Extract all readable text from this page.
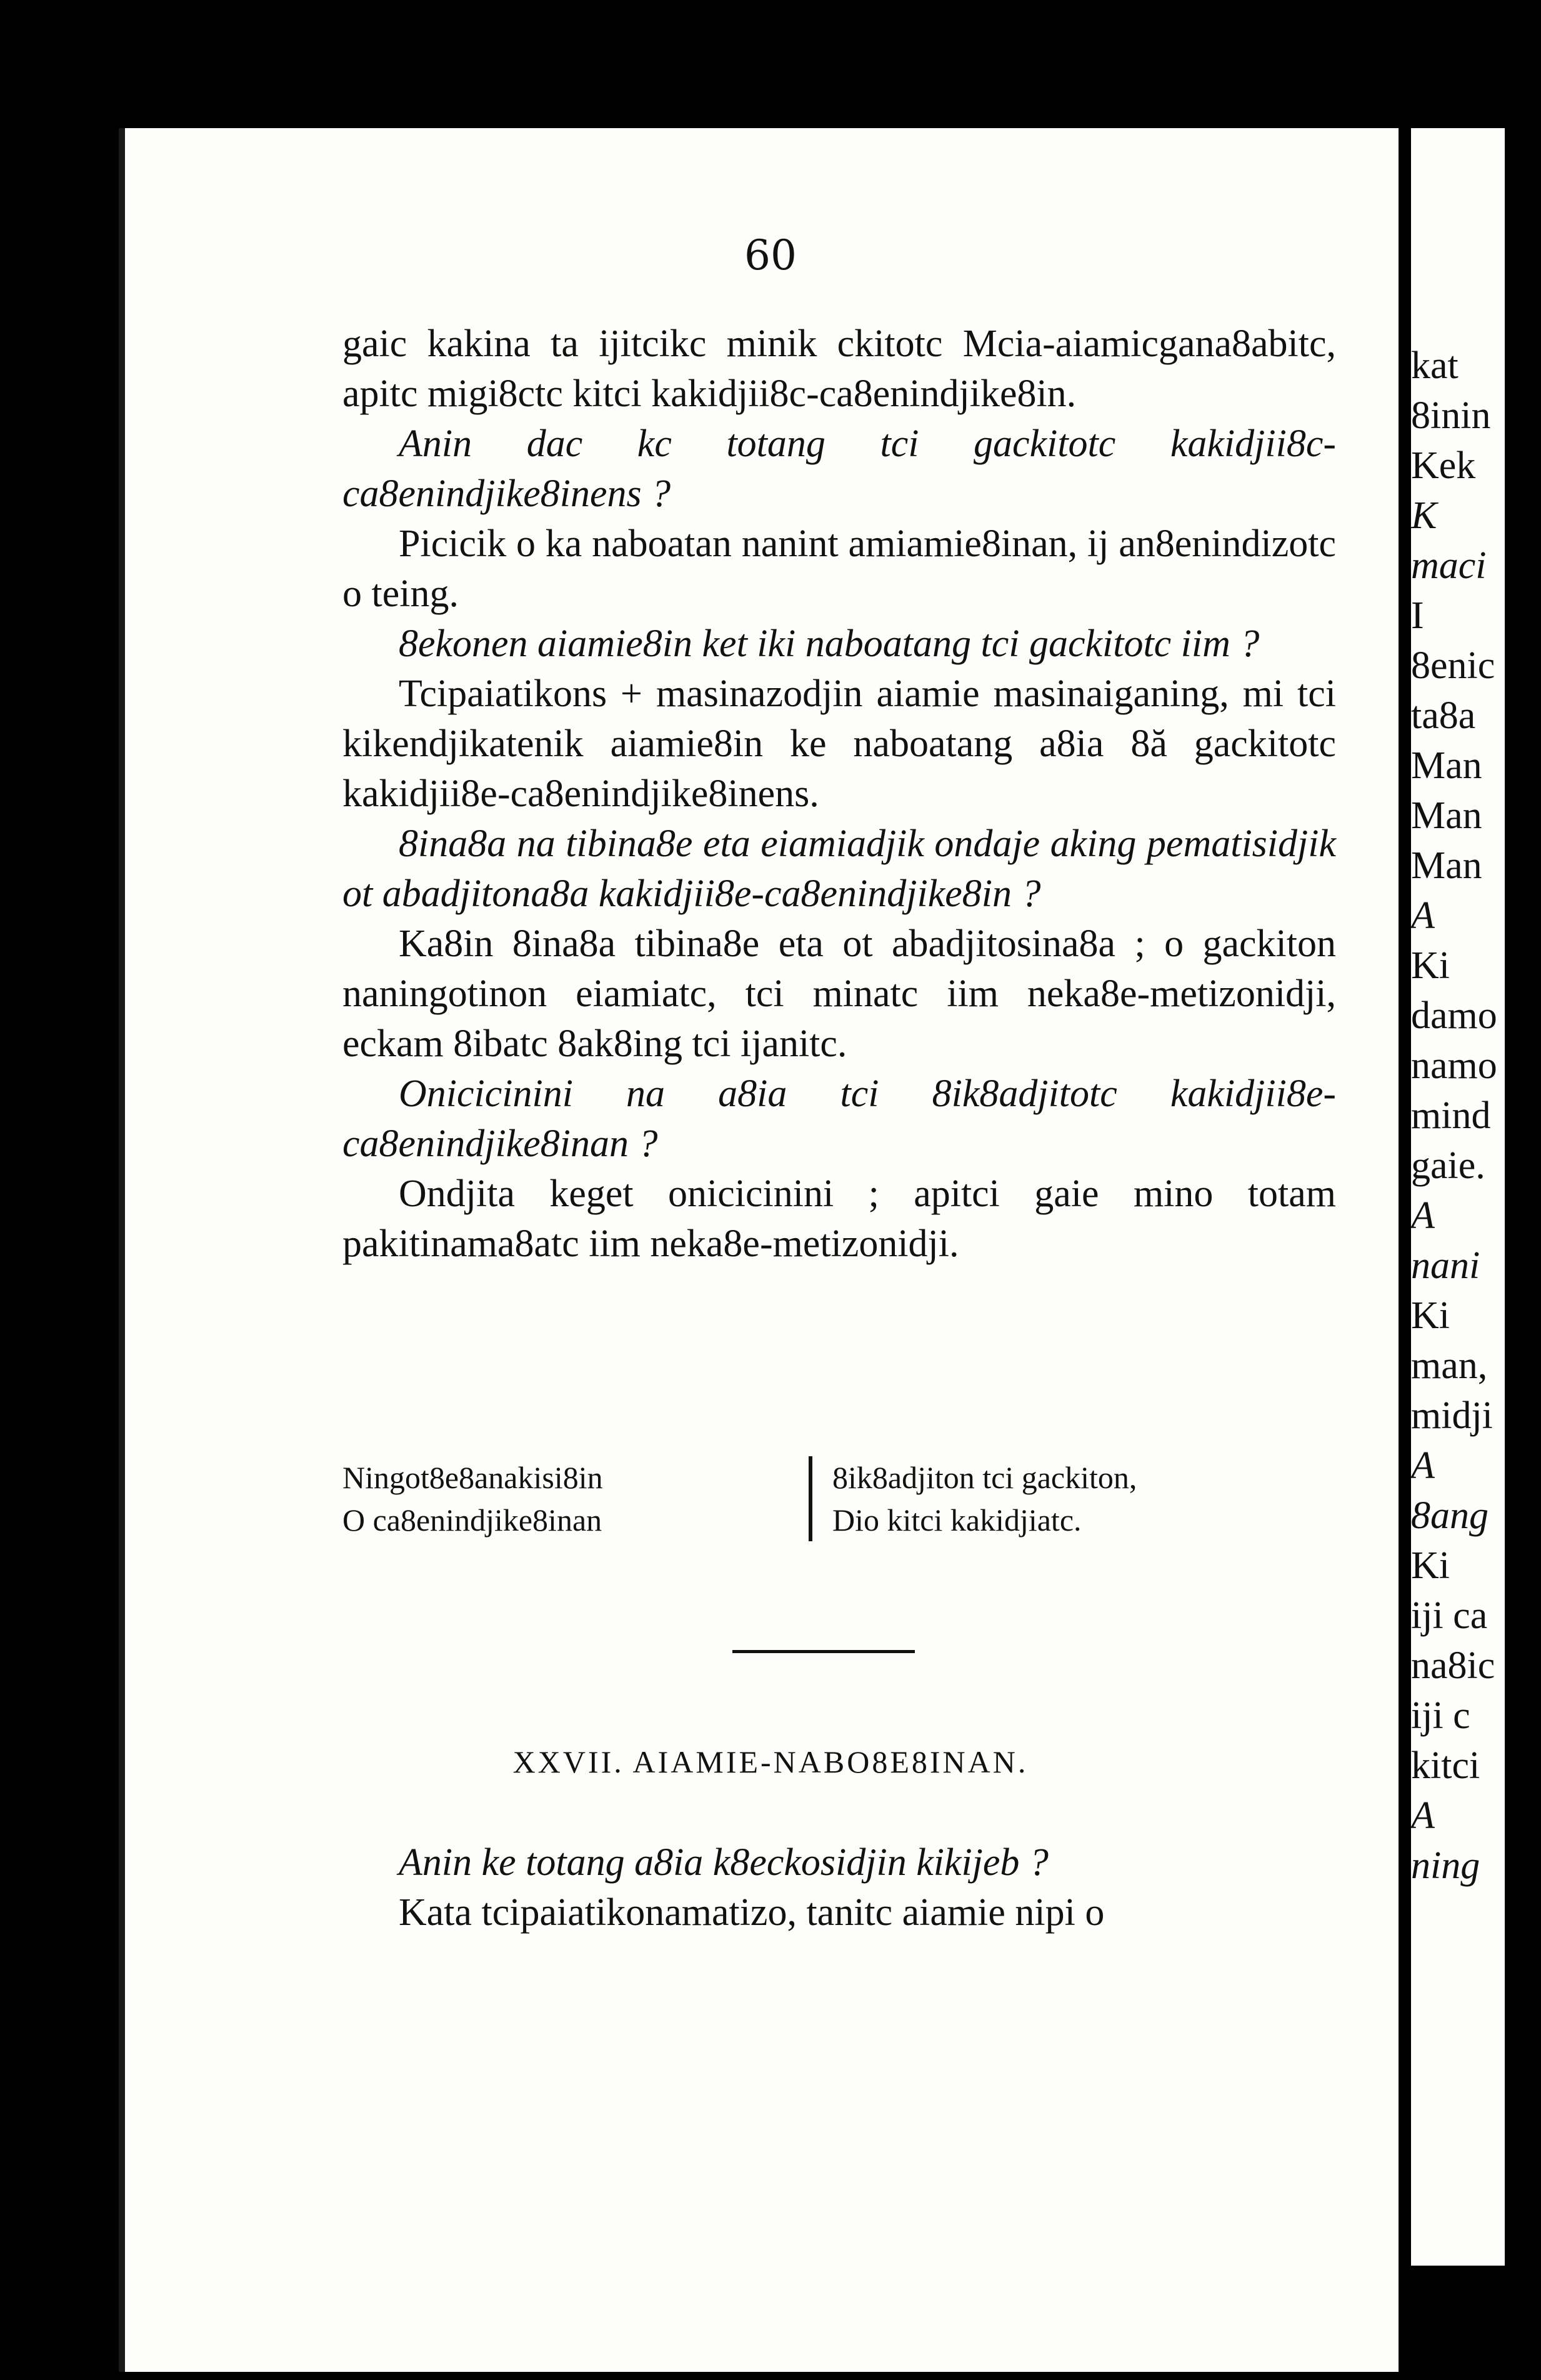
kat
8inin
Kek
K
maci
I
8enic
ta8a
Man
Man
Man
A
Ki
damo
namo
mind
gaie.
A
nani
Ki
man,
midji
A
8ang
Ki
iji ca
na8ic
iji c
kitci
A
ning
60

gaic kakina ta ijitcikc minik ckitotc Mcia-aiamicgana8abitc, apitc migi8ctc kitci kakidjii8c-ca8enindjike8in.

Anin dac kc totang tci gackitotc kakidjii8c-ca8enindjike8inens ?

Picicik o ka naboatan nanint amiamie8inan, ij an8enindizotc o teing.

8ekonen aiamie8in ket iki naboatang tci gackitotc iim ?

Tcipaiatikons + masinazodjin aiamie masinaiganing, mi tci kikendjikatenik aiamie8in ke naboatang a8ia 8ă gackitotc kakidjii8e-ca8enindjike8inens.

8ina8a na tibina8e eta eiamiadjik ondaje aking pematisidjik ot abadjitona8a kakidjii8e-ca8enindjike8in ?

Ka8in 8ina8a tibina8e eta ot abadjitosina8a ; o gackiton naningotinon eiamiatc, tci minatc iim neka8e-metizonidji, eckam 8ibatc 8ak8ing tci ijanitc.

Onicicinini na a8ia tci 8ik8adjitotc kakidjii8e-ca8enindjike8inan ?

Ondjita keget onicicinini ; apitci gaie mino totam pakitinama8atc iim neka8e-metizonidji.

Ningot8e8anakisi8in
O ca8enindjike8inan
8ik8adjiton tci gackiton,
Dio kitci kakidjiatc.
XXVII. AIAMIE-NABO8E8INAN.

Anin ke totang a8ia k8eckosidjin kikijeb ?

Kata tcipaiatikonamatizo, tanitc aiamie nipi o
